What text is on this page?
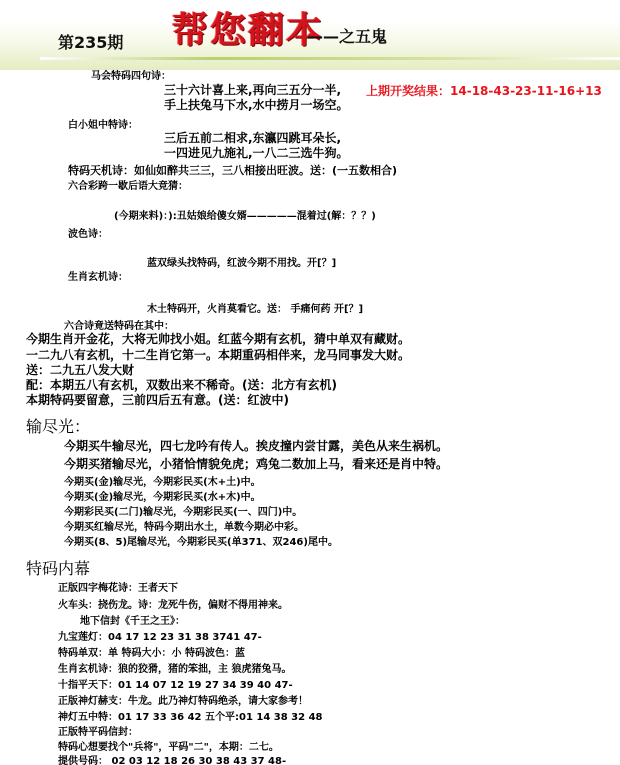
第235期 帮您翻本
——之五鬼
上期开奖结果：14-18-43-23-11-16+13
马会特码四句诗：
三十六计喜上来,再向三五分一半,
手上扶兔马下水,水中捞月一场空。
白小姐中特诗：
三后五前二相求,东瀛四跳耳朵长,
一四进见九施礼,一八二三选牛狗。
特码天机诗：如仙如醉共三三，三八相接出旺波。送：(一五数相合)
六合彩跨一歇后语大竞猜：
(今期来料)：):丑姑娘给傻女婿—————混着过(解：？？)
波色诗：
蓝双绿头找特码，红波今期不用找。开[？]
生肖玄机诗：
木土特码开，火肖莫看它。送： 手痛何药 开[？]
六合诗竟送特码在其中：
今期生肖开金花，大将无帅找小姐。红蓝今期有玄机，猜中单双有藏财。
一二九八有玄机，十二生肖它第一。本期重码相伴来，龙马同事发大财。
送：二九五八发大财
配：本期五八有玄机，双数出来不稀奇。(送：北方有玄机)
本期特码要留意，三前四后五有意。(送：红波中)
输尽光：
今期买牛输尽光，四七龙吟有传人。挨皮撞内尝甘露，美色从来生祸机。
今期买猪输尽光，小猪恰情貌免虎；鸡兔二数加上马，看来还是肖中特。
今期买(金)输尽光，今期彩民买(木+土)中。
今期买(金)输尽光，今期彩民买(水+木)中。
今期彩民买(二门)输尽光，今期彩民买(一、四门)中。
今期买红输尽光，特码今期出水土，单数今期必中彩。
今期买(8、5)尾输尽光，今期彩民买(单371、双246)尾中。
特码内幕
正版四字梅花诗：王者天下
火车头：挠伤龙。诗：龙死牛伤，偏财不得用神来。
地下信封《千王之王》：
九宝莲灯：04 17 12 23 31 38 3741 47-
特码单双：单 特码大小：小 特码波色：蓝
生肖玄机诗：狼的狡猾，猪的笨拙，主 狼虎猪兔马。
十指平天下：01 14 07 12 19 27 34 39 40 47-
正版神灯赫支：牛龙。此乃神灯特码绝杀，请大家参考！
神灯五中特：01 17 33 36 42 五个平:01 14 38 32 48
正版特平码信封：
特码心想要找个"兵将"，平码"二"，本期：二七。
提供号码： 02 03 12 18 26 30 38 43 37 48-
